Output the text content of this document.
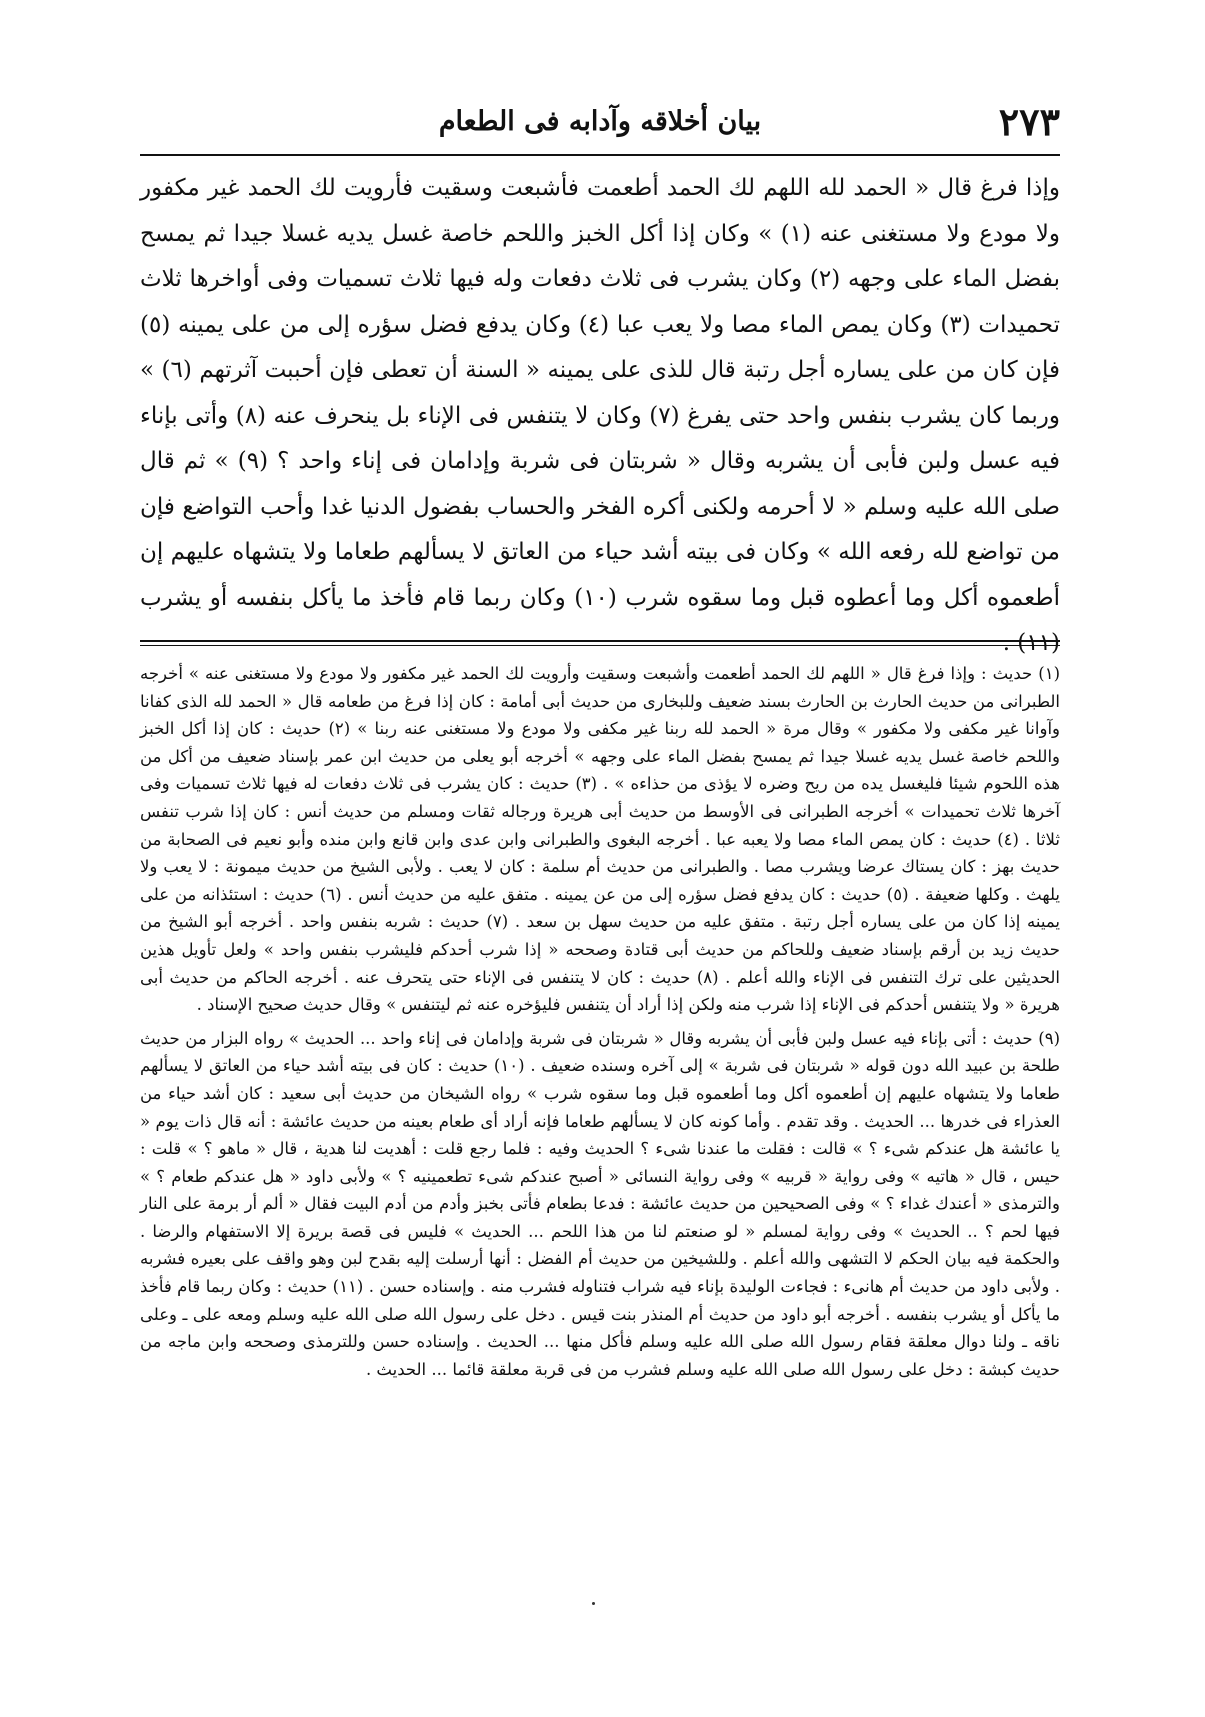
٢٧٣
بيان أخلاقه وآدابه فى الطعام

وإذا فرغ قال « الحمد لله اللهم لك الحمد أطعمت فأشبعت وسقيت فأرويت لك الحمد غير مكفور ولا مودع ولا مستغنى عنه (١) » وكان إذا أكل الخبز واللحم خاصة غسل يديه غسلا جيدا ثم يمسح بفضل الماء على وجهه (٢) وكان يشرب فى ثلاث دفعات وله فيها ثلاث تسميات وفى أواخرها ثلاث تحميدات (٣) وكان يمص الماء مصا ولا يعب عبا (٤) وكان يدفع فضل سؤره إلى من على يمينه (٥) فإن كان من على يساره أجل رتبة قال للذى على يمينه « السنة أن تعطى فإن أحببت آثرتهم (٦) » وربما كان يشرب بنفس واحد حتى يفرغ (٧) وكان لا يتنفس فى الإناء بل ينحرف عنه (٨) وأتى بإناء فيه عسل ولبن فأبى أن يشربه وقال « شربتان فى شربة وإدامان فى إناء واحد ؟ (٩) » ثم قال صلى الله عليه وسلم « لا أحرمه ولكنى أكره الفخر والحساب بفضول الدنيا غدا وأحب التواضع فإن من تواضع لله رفعه الله » وكان فى بيته أشد حياء من العاتق لا يسألهم طعاما ولا يتشهاه عليهم إن أطعموه أكل وما أعطوه قبل وما سقوه شرب (١٠) وكان ربما قام فأخذ ما يأكل بنفسه أو يشرب (١١) .

(١) حديث : وإذا فرغ قال « اللهم لك الحمد أطعمت وأشبعت وسقيت وأرويت لك الحمد غير مكفور ولا مودع ولا مستغنى عنه » أخرجه الطبرانى من حديث الحارث بن الحارث بسند ضعيف وللبخارى من حديث أبى أمامة : كان إذا فرغ من طعامه قال « الحمد لله الذى كفانا وآوانا غير مكفى ولا مكفور » وقال مرة « الحمد لله ربنا غير مكفى ولا مودع ولا مستغنى عنه ربنا » (٢) حديث : كان إذا أكل الخبز واللحم خاصة غسل يديه غسلا جيدا ثم يمسح بفضل الماء على وجهه » أخرجه أبو يعلى من حديث ابن عمر بإسناد ضعيف من أكل من هذه اللحوم شيئا فليغسل يده من ريح وضره لا يؤذى من حذاءه » . (٣) حديث : كان يشرب فى ثلاث دفعات له فيها ثلاث تسميات وفى آخرها ثلاث تحميدات » أخرجه الطبرانى فى الأوسط من حديث أبى هريرة ورجاله ثقات ومسلم من حديث أنس : كان إذا شرب تنفس ثلاثا . (٤) حديث : كان يمص الماء مصا ولا يعبه عبا . أخرجه البغوى والطبرانى وابن عدى وابن قانع وابن منده وأبو نعيم فى الصحابة من حديث بهز : كان يستاك عرضا ويشرب مصا . والطبرانى من حديث أم سلمة : كان لا يعب . ولأبى الشيخ من حديث ميمونة : لا يعب ولا يلهث . وكلها ضعيفة . (٥) حديث : كان يدفع فضل سؤره إلى من عن يمينه . متفق عليه من حديث أنس . (٦) حديث : استئذانه من على يمينه إذا كان من على يساره أجل رتبة . متفق عليه من حديث سهل بن سعد . (٧) حديث : شربه بنفس واحد . أخرجه أبو الشيخ من حديث زيد بن أرقم بإسناد ضعيف وللحاكم من حديث أبى قتادة وصححه « إذا شرب أحدكم فليشرب بنفس واحد » ولعل تأويل هذين الحديثين على ترك التنفس فى الإناء والله أعلم . (٨) حديث : كان لا يتنفس فى الإناء حتى يتحرف عنه . أخرجه الحاكم من حديث أبى هريرة « ولا يتنفس أحدكم فى الإناء إذا شرب منه ولكن إذا أراد أن يتنفس فليؤخره عنه ثم ليتنفس » وقال حديث صحيح الإسناد .

(٩) حديث : أتى بإناء فيه عسل ولبن فأبى أن يشربه وقال « شربتان فى شربة وإدامان فى إناء واحد ... الحديث » رواه البزار من حديث طلحة بن عبيد الله دون قوله « شربتان فى شربة » إلى آخره وسنده ضعيف . (١٠) حديث : كان فى بيته أشد حياء من العاتق لا يسألهم طعاما ولا يتشهاه عليهم إن أطعموه أكل وما أطعموه قبل وما سقوه شرب » رواه الشيخان من حديث أبى سعيد : كان أشد حياء من العذراء فى خدرها ... الحديث . وقد تقدم . وأما كونه كان لا يسألهم طعاما فإنه أراد أى طعام بعينه من حديث عائشة : أنه قال ذات يوم « يا عائشة هل عندكم شىء ؟ » قالت : فقلت ما عندنا شىء ؟ الحديث وفيه : فلما رجع قلت : أهديت لنا هدية ، قال « ماهو ؟ » قلت : حيس ، قال « هاتيه » وفى رواية « قربيه » وفى رواية النسائى « أصبح عندكم شىء تطعمينيه ؟ » ولأبى داود « هل عندكم طعام ؟ » والترمذى « أعندك غداء ؟ » وفى الصحيحين من حديث عائشة : فدعا بطعام فأتى بخبز وأدم من أدم البيت فقال « ألم أر برمة على النار فيها لحم ؟ .. الحديث » وفى رواية لمسلم « لو صنعتم لنا من هذا اللحم ... الحديث » فليس فى قصة بريرة إلا الاستفهام والرضا . والحكمة فيه بيان الحكم لا التشهى والله أعلم . وللشيخين من حديث أم الفضل : أنها أرسلت إليه بقدح لبن وهو واقف على بعيره فشربه . ولأبى داود من حديث أم هانىء : فجاءت الوليدة بإناء فيه شراب فتناوله فشرب منه . وإسناده حسن . (١١) حديث : وكان ربما قام فأخذ ما يأكل أو يشرب بنفسه . أخرجه أبو داود من حديث أم المنذر بنت قيس . دخل على رسول الله صلى الله عليه وسلم ومعه على ـ وعلى ناقه ـ ولنا دوال معلقة فقام رسول الله صلى الله عليه وسلم فأكل منها ... الحديث . وإسناده حسن وللترمذى وصححه وابن ماجه من حديث كبشة : دخل على رسول الله صلى الله عليه وسلم فشرب من فى قربة معلقة قائما ... الحديث .
